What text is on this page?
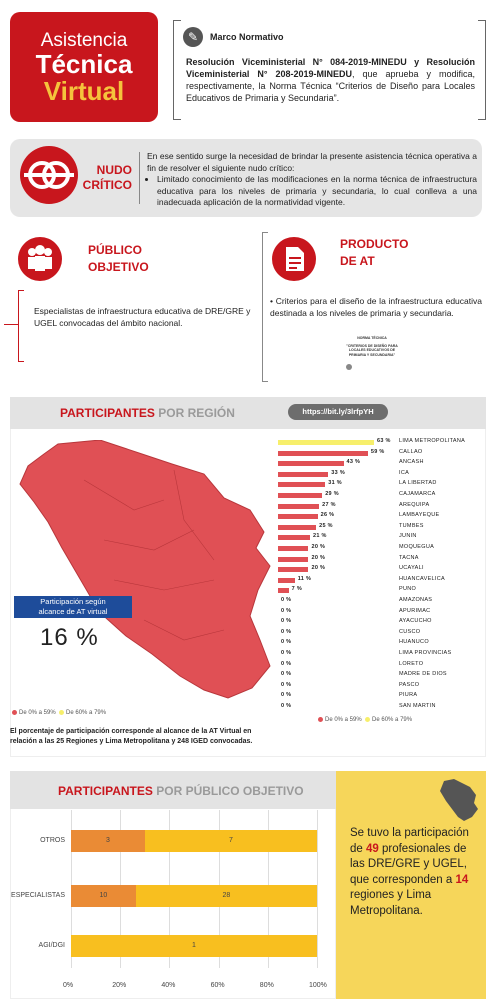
Asistencia
Técnica
Virtual
✎	Marco Normativo
Resolución Viceministerial N° 084-2019-MINEDU y Resolución Viceministerial N° 208-2019-MINEDU, que aprueba y modifica, respectivamente, la Norma Técnica “Criterios de Diseño para Locales Educativos de Primaria y Secundaria”.
NUDO CRÍTICO
En ese sentido surge la necesidad de brindar la presente asistencia técnica operativa a fin de resolver el siguiente nudo crítico:
• Limitado conocimiento de las modificaciones en la norma técnica de infraestructura educativa para los niveles de primaria y secundaria, lo cual conlleva a una inadecuada aplicación de la normatividad vigente.
PÚBLICO
OBJETIVO
Especialistas de infraestructura educativa de DRE/GRE y UGEL convocadas del ámbito nacional.
PRODUCTO
DE AT
• Criterios para el diseño de la infraestructura educativa destinada a los niveles de primaria y secundaria.
NORMA TÉCNICA
"CRITERIOS DE DISEÑO PARA LOCALES EDUCATIVOS DE PRIMARIA Y SECUNDARIA"
PARTICIPANTES POR REGIÓN	https://bit.ly/3lrfpYH
Participación según
alcance de AT virtual
16 %
De 0% a 59% De 60% a 79%
63 % LIMA METROPOLITANA
59 %	CALLAO
43 %	ANCASH
33 %	ICA
31 %	LA LIBERTAD
29 %	CAJAMARCA
27 %	AREQUIPA
26 %	LAMBAYEQUE
25 %	TUMBES
21 %	JUNIN
20 %	MOQUEGUA
20 %	TACNA
20 %	UCAYALI
11 %	HUANCAVELICA
7 %	PUNO
0 %	AMAZONAS
0 %	APURIMAC
0 %	AYACUCHO
0 %	CUSCO
0 %	HUANUCO
0 %	LIMA PROVINCIAS
0 %	LORETO
0 %	MADRE DE DIOS
0 %	PASCO
0 %	PIURA
0 %	SAN MARTIN
De 0% a 59% De 60% a 79%
El porcentaje de participación corresponde al alcance de la AT Virtual en relación a las 25 Regiones y Lima Metropolitana y 248 IGED convocadas.
PARTICIPANTES POR PÚBLICO OBJETIVO
0%	20%	40%	60%	80%	100%
OTROS	3	7
ESPECIALISTAS	10	28
AGI/DGI	1
Se tuvo la participación de 49 profesionales de las DRE/GRE y UGEL, que corresponden a 14 regiones y Lima Metropolitana.
